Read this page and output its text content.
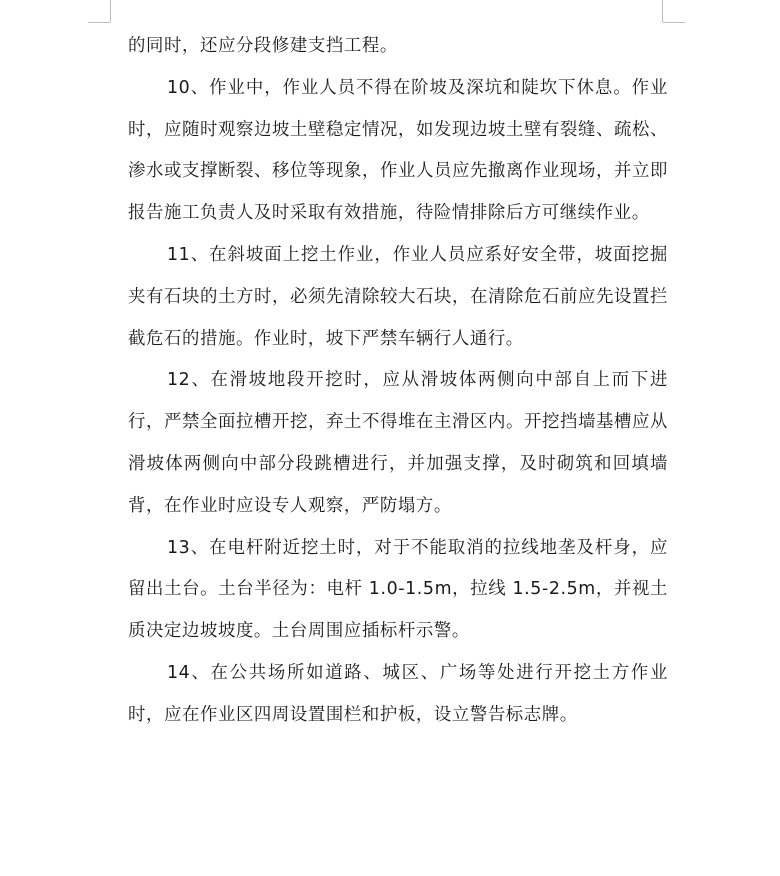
的同时，还应分段修建支挡工程。

10、作业中，作业人员不得在阶坡及深坑和陡坎下休息。作业时，应随时观察边坡土壁稳定情况，如发现边坡土壁有裂缝、疏松、渗水或支撑断裂、移位等现象，作业人员应先撤离作业现场，并立即报告施工负责人及时采取有效措施，待险情排除后方可继续作业。

11、在斜坡面上挖土作业，作业人员应系好安全带，坡面挖掘夹有石块的土方时，必须先清除较大石块，在清除危石前应先设置拦截危石的措施。作业时，坡下严禁车辆行人通行。

12、在滑坡地段开挖时，应从滑坡体两侧向中部自上而下进行，严禁全面拉槽开挖，弃土不得堆在主滑区内。开挖挡墙基槽应从滑坡体两侧向中部分段跳槽进行，并加强支撑，及时砌筑和回填墙背，在作业时应设专人观察，严防塌方。

13、在电杆附近挖土时，对于不能取消的拉线地垄及杆身，应留出土台。土台半径为：电杆 1.0-1.5m，拉线 1.5-2.5m，并视土质决定边坡坡度。土台周围应插标杆示警。

14、在公共场所如道路、城区、广场等处进行开挖土方作业时，应在作业区四周设置围栏和护板，设立警告标志牌。
